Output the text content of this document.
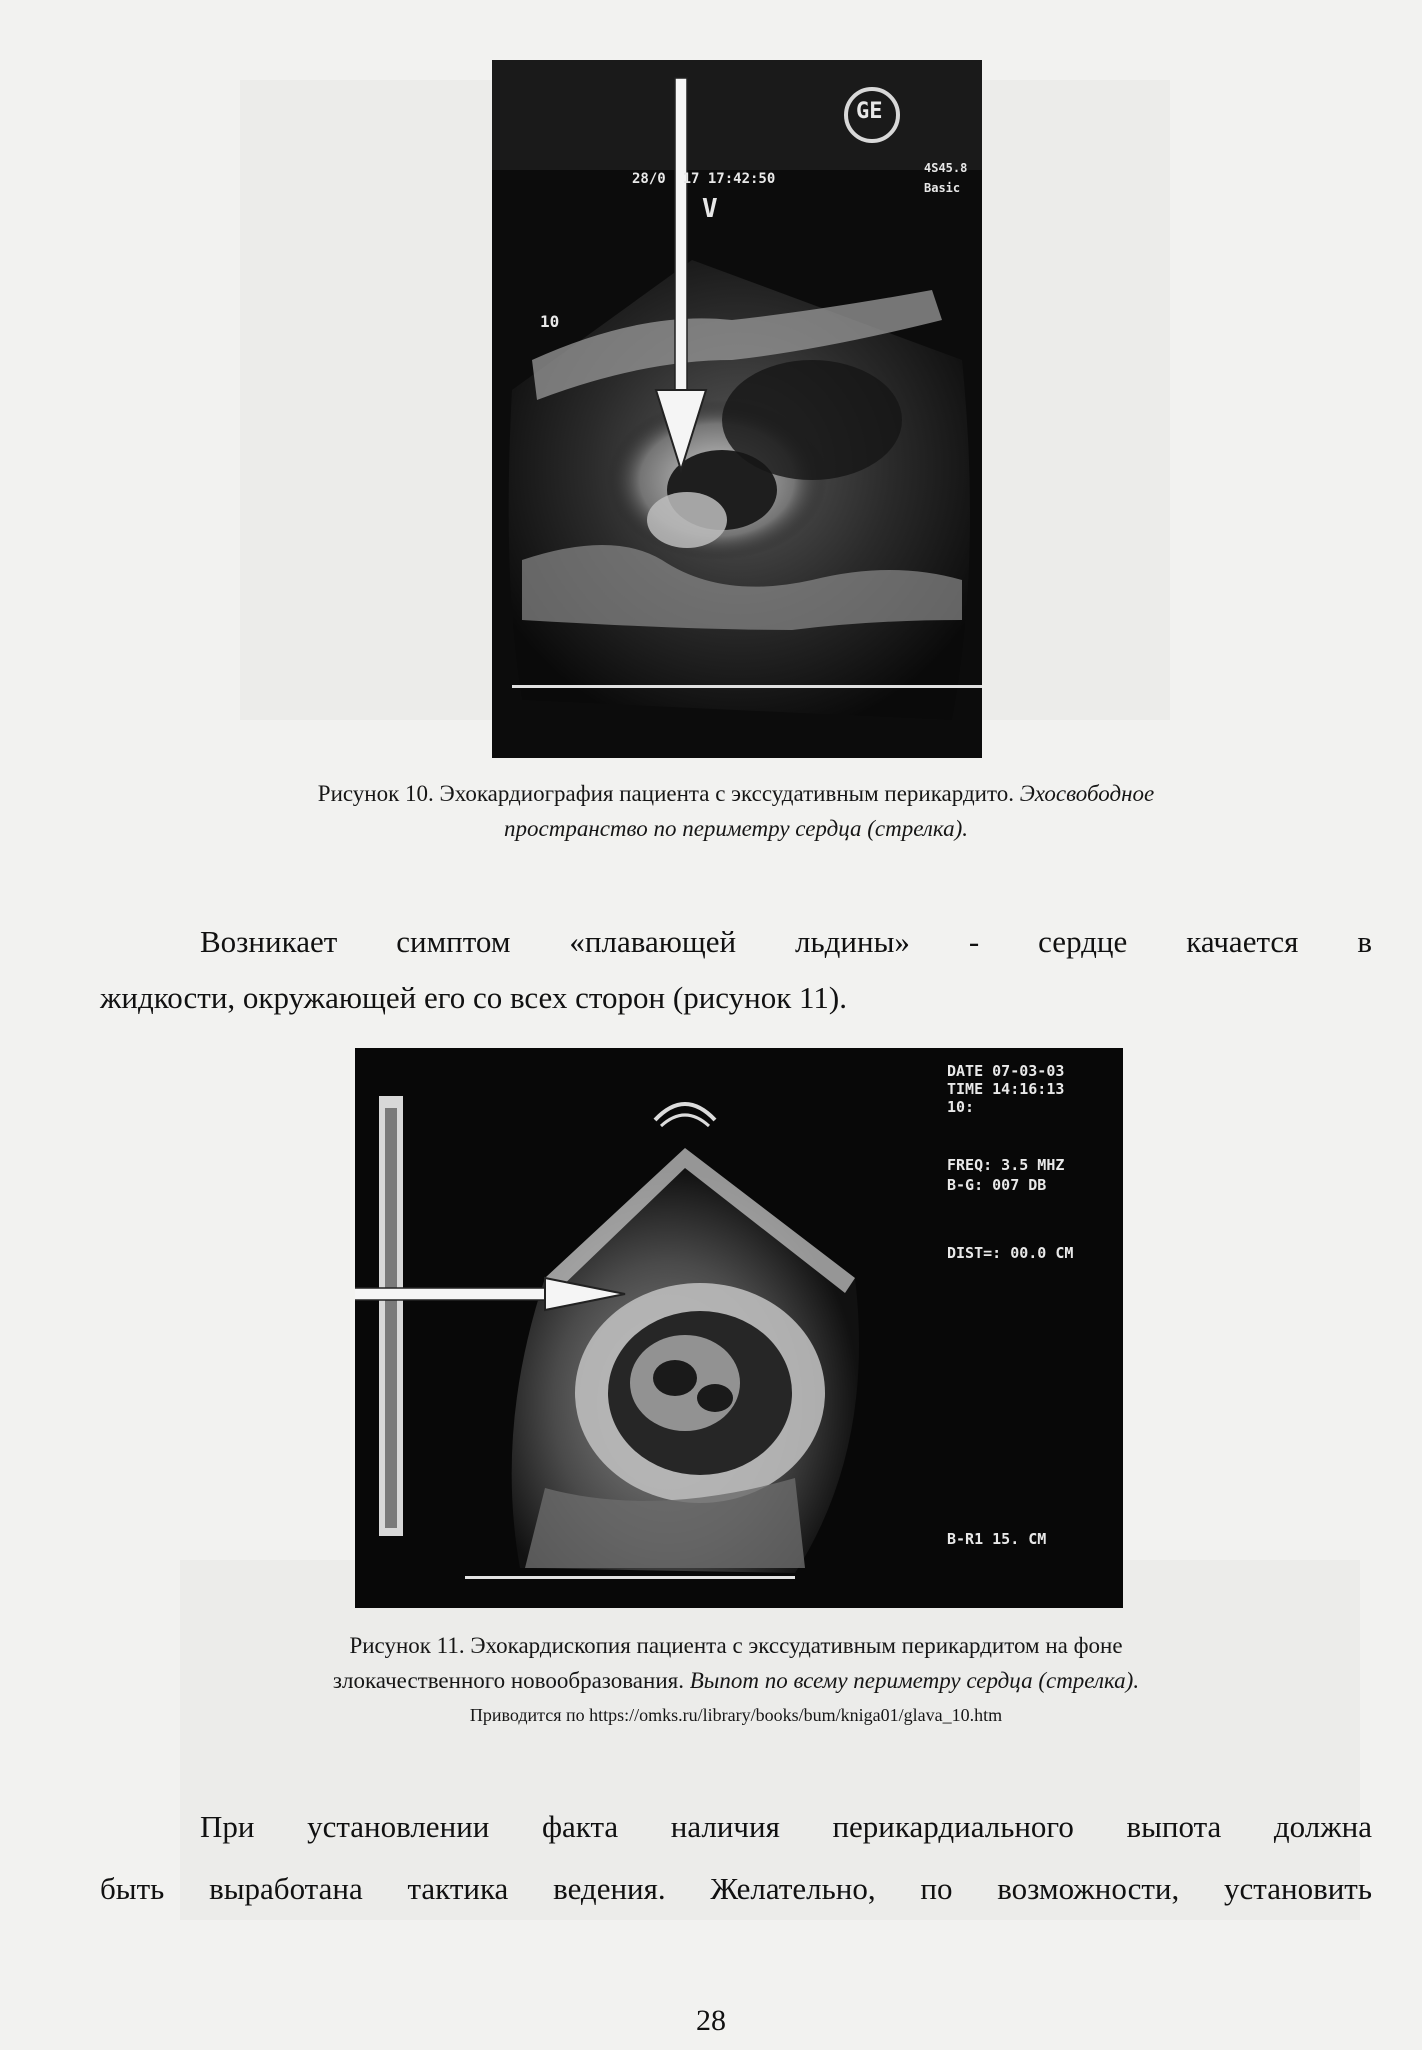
GE
28/0  17 17:42:50
V
10
4S45.8
Basic
Рисунок 10. Эхокардиография пациента с экссудативным перикардито. Эхосвободное
пространство по периметру сердца (стрелка).
Возникает симптом «плавающей льдины» - сердце качается в
жидкости, окружающей его со всех сторон (рисунок 11).
DATE 07-03-03
TIME 14:16:13
10:
FREQ: 3.5 MHZ
B-G: 007 DB
DIST=: 00.0 CM
B-R1 15. CM
Рисунок 11. Эхокардископия пациента с экссудативным перикардитом на фоне
злокачественного новообразования. Выпот по всему периметру сердца (стрелка).
Приводится по https://omks.ru/library/books/bum/kniga01/glava_10.htm
При установлении факта наличия перикардиального выпота должна
быть выработана тактика ведения. Желательно, по возможности, установить
28
